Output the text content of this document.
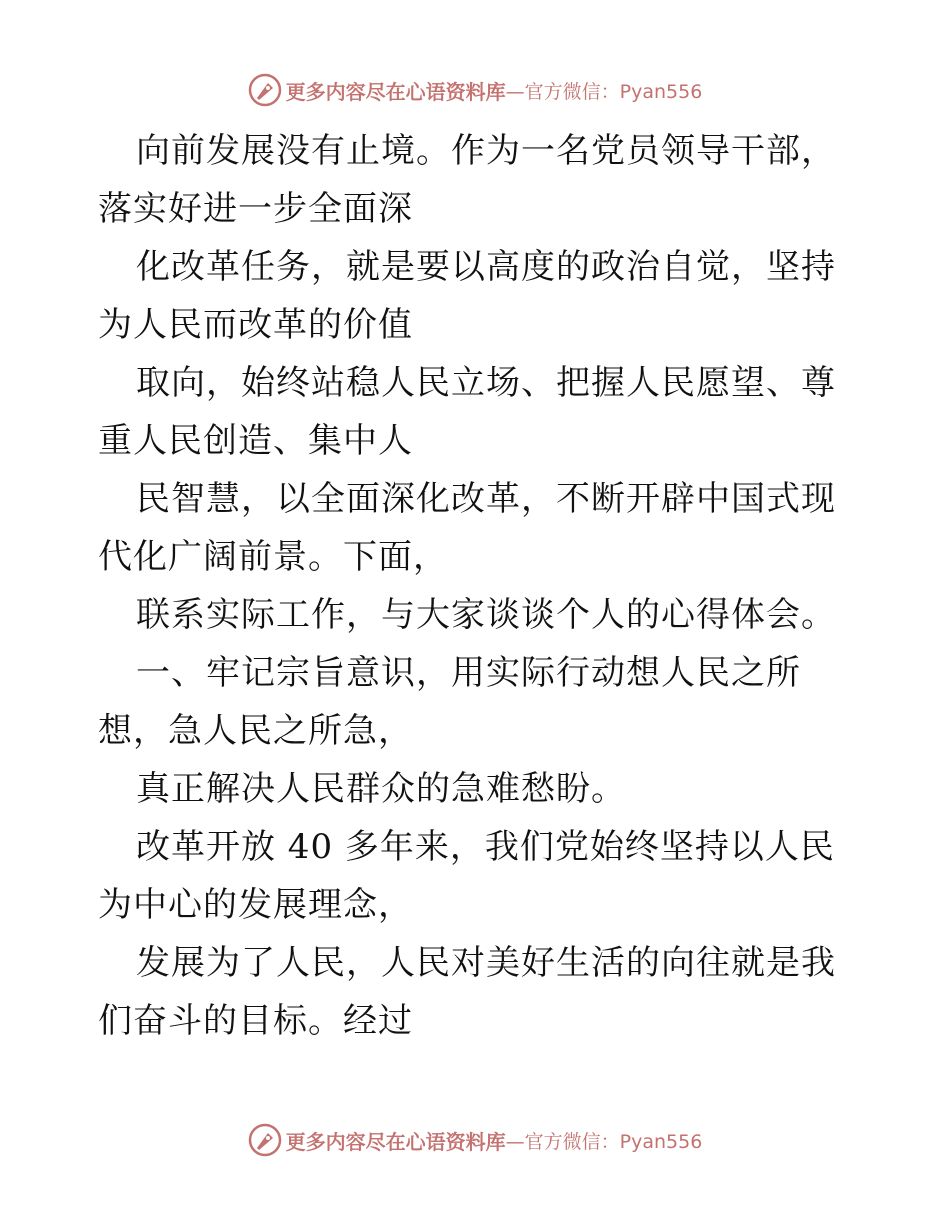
更多内容尽在心语资料库 —官方微信：Pyan556

向前发展没有止境。作为一名党员领导干部，落实好进一步全面深

化改革任务，就是要以高度的政治自觉，坚持为人民而改革的价值

取向，始终站稳人民立场、把握人民愿望、尊重人民创造、集中人

民智慧，以全面深化改革，不断开辟中国式现代化广阔前景。下面，

联系实际工作，与大家谈谈个人的心得体会。

一、牢记宗旨意识，用实际行动想人民之所想，急人民之所急，

真正解决人民群众的急难愁盼。

改革开放 40 多年来，我们党始终坚持以人民为中心的发展理念，

发展为了人民，人民对美好生活的向往就是我们奋斗的目标。经过

更多内容尽在心语资料库 —官方微信：Pyan556
